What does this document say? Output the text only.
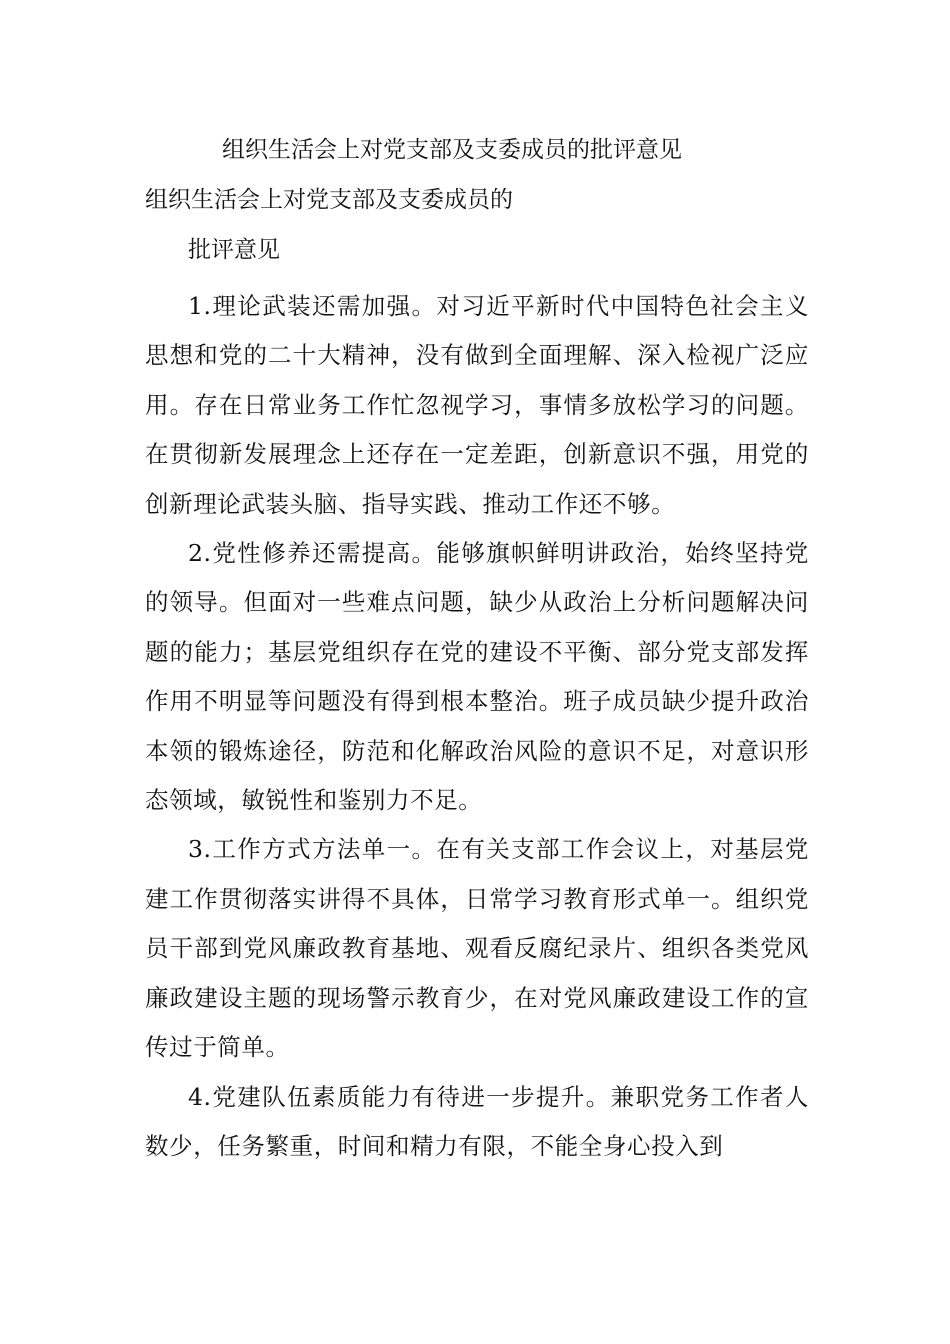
组织生活会上对党支部及支委成员的批评意见
组织生活会上对党支部及支委成员的
批评意见

1.理论武装还需加强。对习近平新时代中国特色社会主义思想和党的二十大精神，没有做到全面理解、深入检视广泛应用。存在日常业务工作忙忽视学习，事情多放松学习的问题。在贯彻新发展理念上还存在一定差距，创新意识不强，用党的创新理论武装头脑、指导实践、推动工作还不够。

2.党性修养还需提高。能够旗帜鲜明讲政治，始终坚持党的领导。但面对一些难点问题，缺少从政治上分析问题解决问题的能力；基层党组织存在党的建设不平衡、部分党支部发挥作用不明显等问题没有得到根本整治。班子成员缺少提升政治本领的锻炼途径，防范和化解政治风险的意识不足，对意识形态领域，敏锐性和鉴别力不足。

3.工作方式方法单一。在有关支部工作会议上，对基层党建工作贯彻落实讲得不具体，日常学习教育形式单一。组织党员干部到党风廉政教育基地、观看反腐纪录片、组织各类党风廉政建设主题的现场警示教育少，在对党风廉政建设工作的宣传过于简单。

4.党建队伍素质能力有待进一步提升。兼职党务工作者人数少，任务繁重，时间和精力有限，不能全身心投入到
